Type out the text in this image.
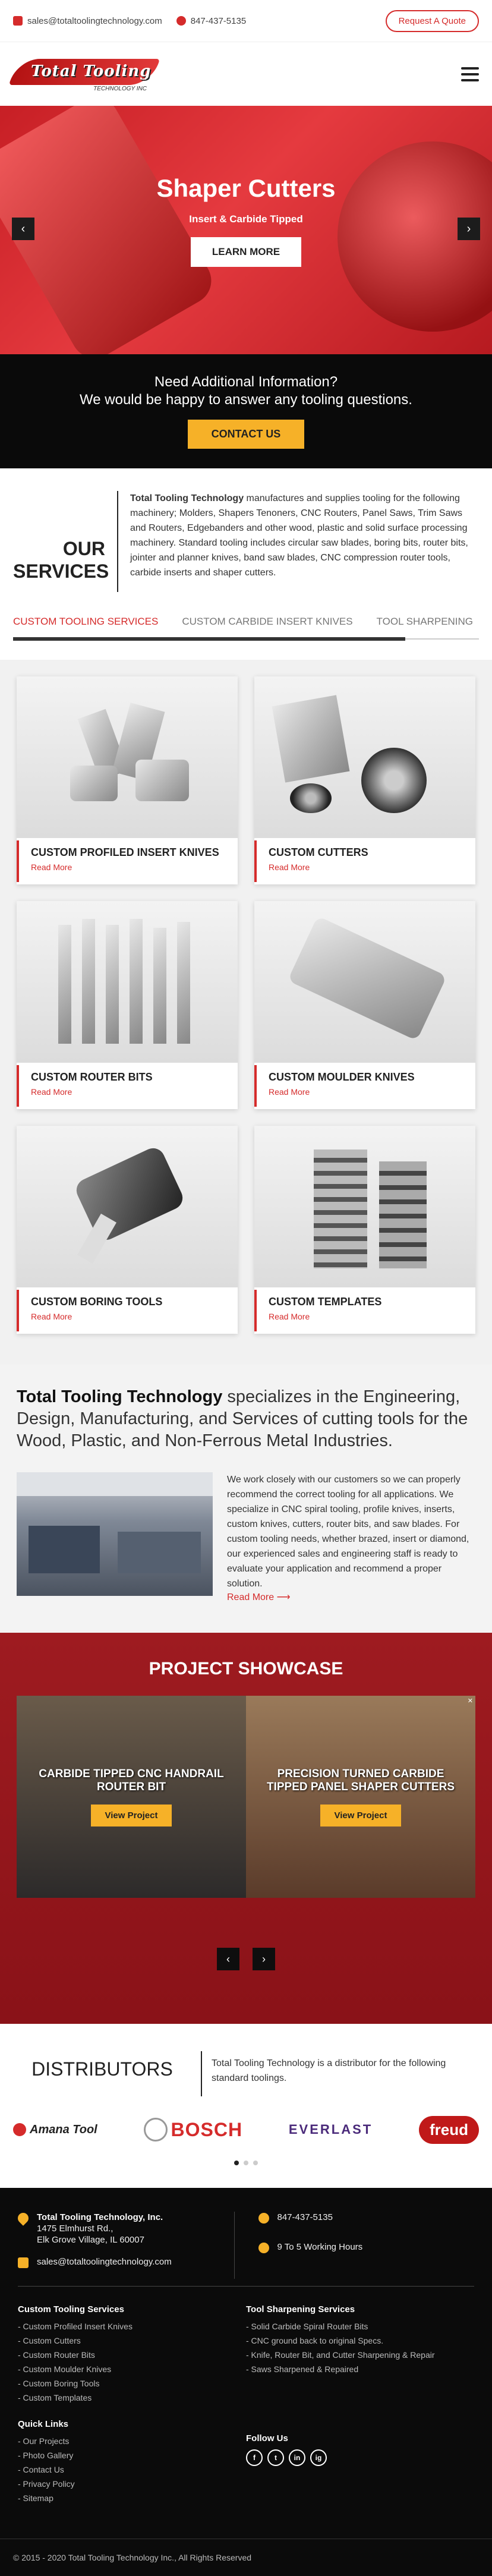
sales@totaltoolingtechnology.com	847-437-5135	Request A Quote
Total Tooling
TECHNOLOGY INC
Shaper Cutters
Insert & Carbide Tipped
LEARN MORE
‹	›
Need Additional Information?
We would be happy to answer any tooling questions.
CONTACT US
OUR
SERVICES
Total Tooling Technology manufactures and supplies tooling for the following machinery; Molders, Shapers Tenoners, CNC Routers, Panel Saws, Trim Saws and Routers, Edgebanders and other wood, plastic and solid surface processing machinery. Standard tooling includes circular saw blades, boring bits, router bits, jointer and planner knives, band saw blades, CNC compression router tools, carbide inserts and shaper cutters.
CUSTOM TOOLING SERVICES CUSTOM CARBIDE INSERT KNIVES TOOL SHARPENING
CUSTOM PROFILED INSERT KNIVES
Read More
CUSTOM CUTTERS
Read More
CUSTOM ROUTER BITS
Read More
CUSTOM MOULDER KNIVES
Read More
CUSTOM BORING TOOLS
Read More
CUSTOM TEMPLATES
Read More
Total Tooling Technology specializes in the Engineering, Design, Manufacturing, and Services of cutting tools for the Wood, Plastic, and Non-Ferrous Metal Industries.
We work closely with our customers so we can properly recommend the correct tooling for all applications. We specialize in CNC spiral tooling, profile knives, inserts, custom knives, cutters, router bits, and saw blades. For custom tooling needs, whether brazed, insert or diamond, our experienced sales and engineering staff is ready to evaluate your application and recommend a proper solution.
Read More ⟶
PROJECT SHOWCASE
CARBIDE TIPPED CNC HANDRAIL ROUTER BIT
View Project
✕
PRECISION TURNED CARBIDE TIPPED PANEL SHAPER CUTTERS
View Project
‹	›
DISTRIBUTORS	Total Tooling Technology is a distributor for the following standard toolings.
Amana Tool	BOSCH	EVERLAST	freud
Total Tooling Technology, Inc.
1475 Elmhurst Rd.,
Elk Grove Village, IL 60007
sales@totaltoolingtechnology.com
847-437-5135
9 To 5 Working Hours
Custom Tooling Services
- Custom Profiled Insert Knives
- Custom Cutters
- Custom Router Bits
- Custom Moulder Knives
- Custom Boring Tools
- Custom Templates
Quick Links
- Our Projects
- Photo Gallery
- Contact Us
- Privacy Policy
- Sitemap
Tool Sharpening Services
- Solid Carbide Spiral Router Bits
- CNC ground back to original Specs.
- Knife, Router Bit, and Cutter Sharpening & Repair
- Saws Sharpened & Repaired
Follow Us
f	t	in	ig
© 2015 - 2020 Total Tooling Technology Inc., All Rights Reserved
